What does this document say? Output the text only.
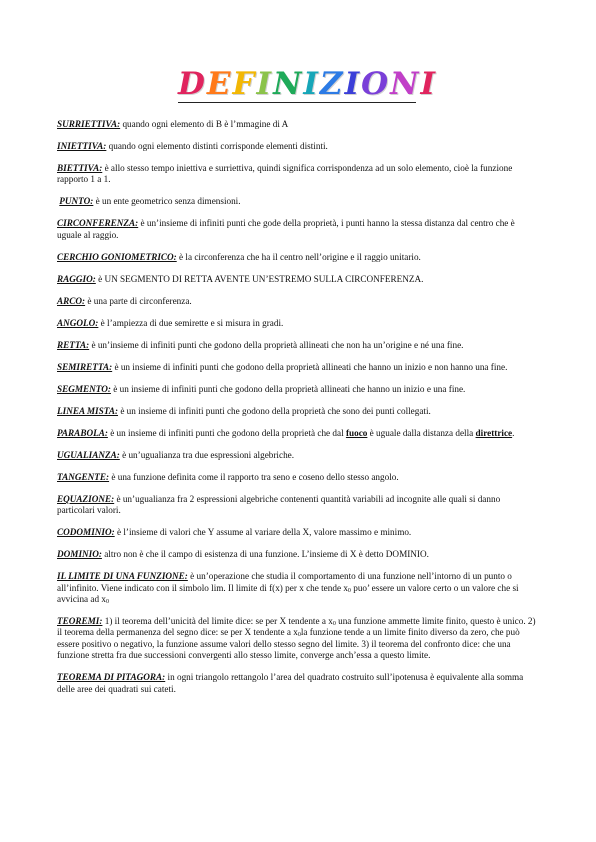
DEFINIZIONI

SURRIETTIVA: quando ogni elemento di B è l’mmagine di A

INIETTIVA: quando ogni elemento distinti corrisponde elementi distinti.

BIETTIVA: è allo stesso tempo iniettiva e surriettiva, quindi significa corrispondenza ad un solo elemento, cioè la funzione rapporto 1 a 1.

PUNTO: è un ente geometrico senza dimensioni.

CIRCONFERENZA: è un’insieme di infiniti punti che gode della proprietà, i punti hanno la stessa distanza dal centro che è uguale al raggio.

CERCHIO GONIOMETRICO: è la circonferenza che ha il centro nell’origine e il raggio unitario.

RAGGIO: è UN SEGMENTO DI RETTA AVENTE UN’ESTREMO SULLA CIRCONFERENZA.

ARCO: è una parte di circonferenza.

ANGOLO: è l’ampiezza di due semirette e si misura in gradi.

RETTA: è un’insieme di infiniti punti che godono della proprietà allineati che non ha un’origine e né una fine.

SEMIRETTA: è un insieme di infiniti punti che godono della proprietà allineati che hanno un inizio e non hanno una fine.

SEGMENTO: è un insieme di infiniti punti che godono della proprietà allineati che hanno un inizio e una fine.

LINEA MISTA: è un insieme di infiniti punti che godono della proprietà che sono dei punti collegati.

PARABOLA: è un insieme di infiniti punti che godono della proprietà che dal fuoco è uguale dalla distanza della direttrice.

UGUALIANZA: è un’ugualianza tra due espressioni algebriche.

TANGENTE: è una funzione definita come il rapporto tra seno e coseno dello stesso angolo.

EQUAZIONE: è un’ugualianza fra 2 espressioni algebriche contenenti quantità variabili ad incognite alle quali si danno particolari valori.

CODOMINIO: è l’insieme di valori che Y assume al variare della X, valore massimo e minimo.

DOMINIO: altro non è che il campo di esistenza di una funzione. L’insieme di X è detto DOMINIO.

IL LIMITE DI UNA FUNZIONE: è un’operazione che studia il comportamento di una funzione nell’intorno di un punto o all’infinito. Viene indicato con il simbolo lim. Il limite di f(x) per x che tende $x_0$ puo’ essere un valore certo o un valore che si avvicina ad $x_0$

TEOREMI: 1) il teorema dell’unicità del limite dice: se per X tendente a $x_0$ una funzione ammette limite finito, questo è unico. 2) il teorema della permanenza del segno dice: se per X tendente a $x_0la$ funzione tende a un limite finito diverso da zero, che può essere positivo o negativo, la funzione assume valori dello stesso segno del limite. 3) il teorema del confronto dice: che una funzione stretta fra due successioni convergenti allo stesso limite, converge anch’essa a questo limite.

TEOREMA DI PITAGORA: in ogni triangolo rettangolo l’area del quadrato costruito sull’ipotenusa è equivalente alla somma delle aree dei quadrati sui cateti.
